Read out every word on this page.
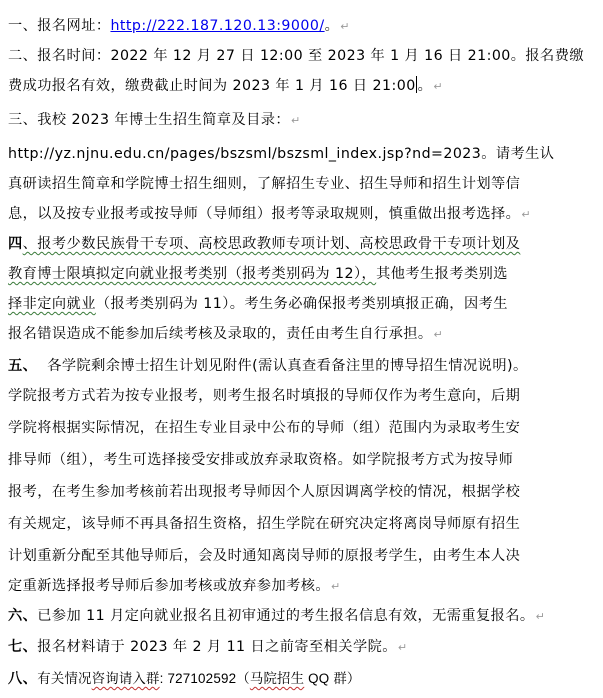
一、报名网址：http://222.187.120.13:9000/。↵
二、报名时间：2022 年 12 月 27 日 12:00 至 2023 年 1 月 16 日 21:00。报名费缴
费成功报名有效，缴费截止时间为 2023 年 1 月 16 日 21:00 。↵
三、我校 2023 年博士生招生简章及目录：↵
http://yz.njnu.edu.cn/pages/bszsml/bszsml_index.jsp?nd=2023。请考生认
真研读招生简章和学院博士招生细则，了解招生专业、招生导师和招生计划等信
息，以及按专业报考或按导师（导师组）报考等录取规则，慎重做出报考选择。↵
四、报考少数民族骨干专项、高校思政教师专项计划、高校思政骨干专项计划及
教育博士限填拟定向就业报考类别（报考类别码为 12），其他考生报考类别选
择非定向就业（报考类别码为 11）。考生务必确保报考类别填报正确，因考生
报名错误造成不能参加后续考核及录取的，责任由考生自行承担。↵
五、 各学院剩余博士招生计划见附件(需认真查看备注里的博导招生情况说明)。
学院报考方式若为按专业报考，则考生报名时填报的导师仅作为考生意向，后期
学院将根据实际情况，在招生专业目录中公布的导师（组）范围内为录取考生安
排导师（组），考生可选择接受安排或放弃录取资格。如学院报考方式为按导师
报考，在考生参加考核前若出现报考导师因个人原因调离学校的情况，根据学校
有关规定，该导师不再具备招生资格，招生学院在研究决定将离岗导师原有招生
计划重新分配至其他导师后，会及时通知离岗导师的原报考学生，由考生本人决
定重新选择报考导师后参加考核或放弃参加考核。↵
六、已参加 11 月定向就业报名且初审通过的考生报名信息有效，无需重复报名。↵
七、报名材料请于 2023 年 2 月 11 日之前寄至相关学院。↵
八、有关情况咨询请入群: 727102592（马院招生 QQ 群）
